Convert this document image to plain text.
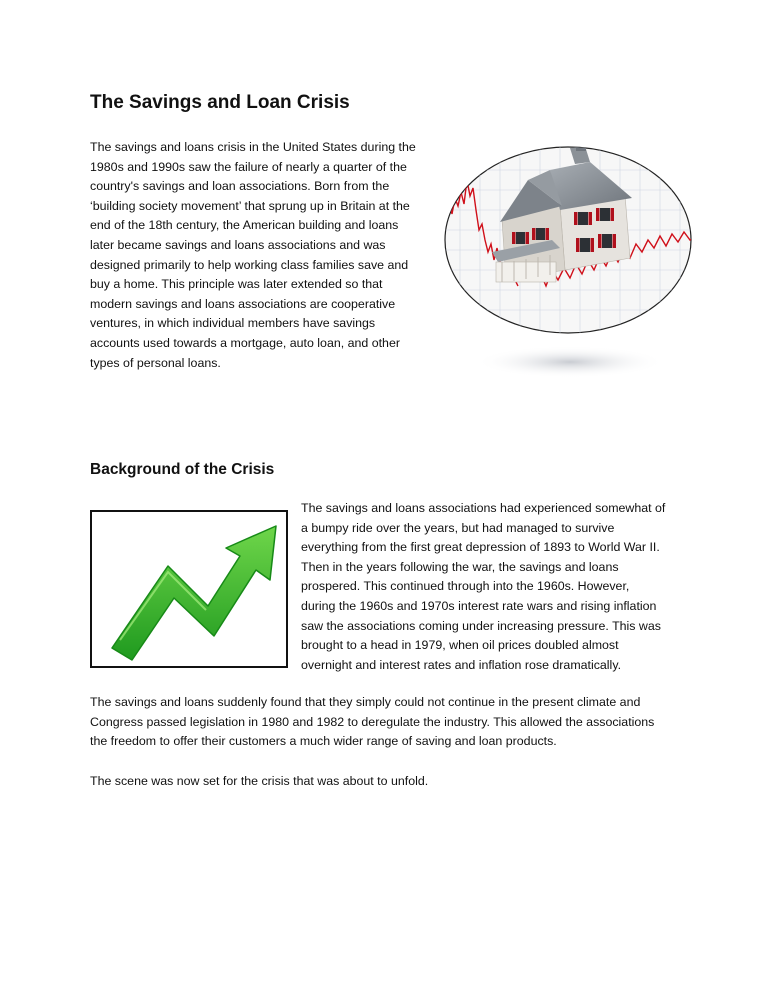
The Savings and Loan Crisis
The savings and loans crisis in the United States during the
1980s and 1990s saw the failure of nearly a quarter of the
country's savings and loan associations. Born from the
‘building society movement’ that sprung up in Britain at the
end of the 18th century, the American building and loans
later became savings and loans associations and was
designed primarily to help working class families save and
buy a home. This principle was later extended so that
modern savings and loans associations are cooperative
ventures, in which individual members have savings
accounts used towards a mortgage, auto loan, and other
types of personal loans.
Background of the Crisis
The savings and loans associations had experienced somewhat of
a bumpy ride over the years, but had managed to survive
everything from the first great depression of 1893 to World War II.
Then in the years following the war, the savings and loans
prospered. This continued through into the 1960s. However,
during the 1960s and 1970s interest rate wars and rising inflation
saw the associations coming under increasing pressure. This was
brought to a head in 1979, when oil prices doubled almost
overnight and interest rates and inflation rose dramatically.
The savings and loans suddenly found that they simply could not continue in the present climate and
Congress passed legislation in 1980 and 1982 to deregulate the industry. This allowed the associations
the freedom to offer their customers a much wider range of saving and loan products.
The scene was now set for the crisis that was about to unfold.
